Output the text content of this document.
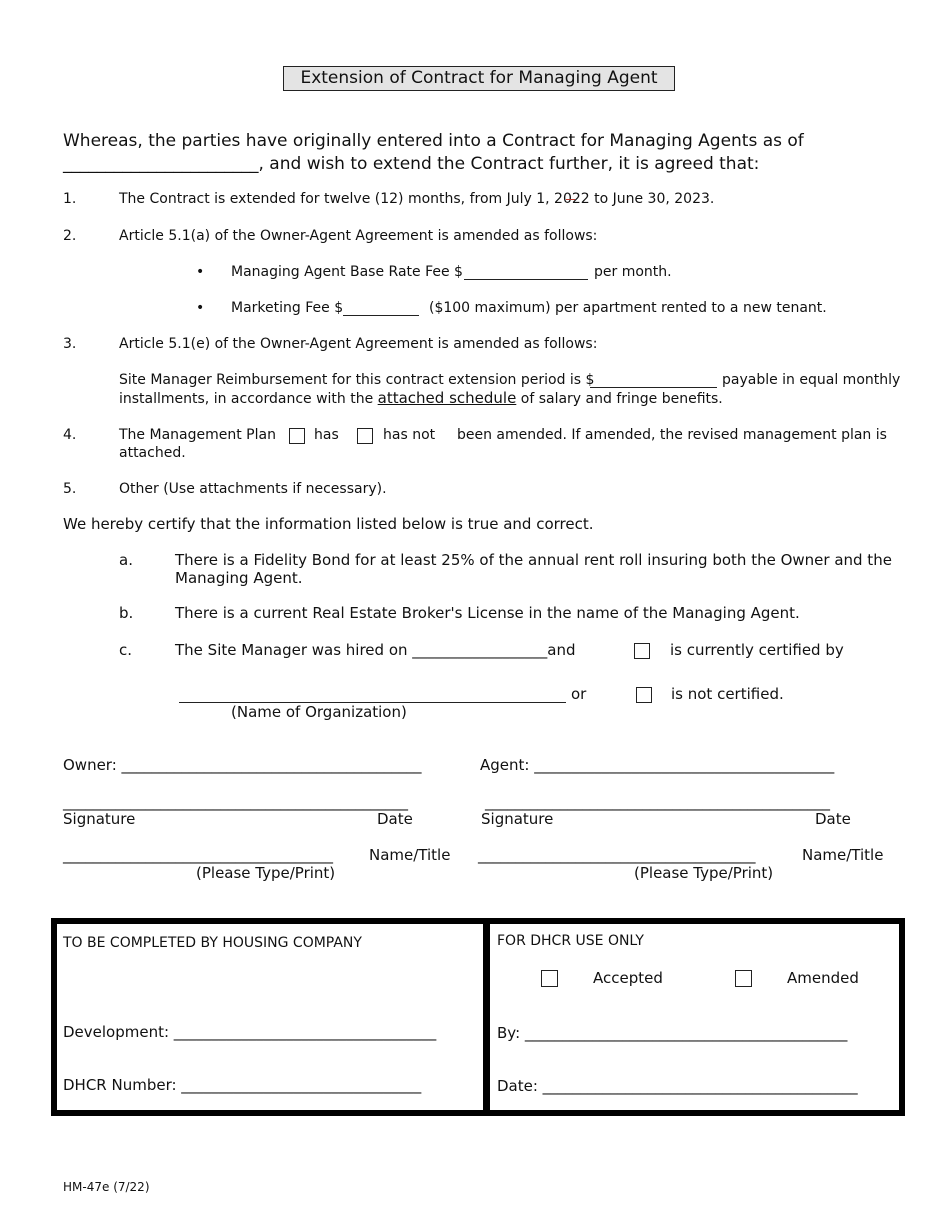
Extension of Contract for Managing Agent
Whereas, the parties have originally entered into a Contract for Managing Agents as of
_______________________, and wish to extend the Contract further, it is agreed that:
1.	The Contract is extended for twelve (12) months, from July 1, 2022 to June 30, 2023.
2.	Article 5.1(a) of the Owner-Agent Agreement is amended as follows:
• Managing Agent Base Rate Fee $	per month.
• Marketing Fee $	($100 maximum) per apartment rented to a new tenant.
3.	Article 5.1(e) of the Owner-Agent Agreement is amended as follows:
Site Manager Reimbursement for this contract extension period is $	payable in equal monthly
installments, in accordance with the attached schedule of salary and fringe benefits.
4.	The Management Plan	has	has not been amended. If amended, the revised management plan is
attached.
5.	Other (Use attachments if necessary).
We hereby certify that the information listed below is true and correct.
a.	There is a Fidelity Bond for at least 25% of the annual rent roll insuring both the Owner and the
Managing Agent.
b.	There is a current Real Estate Broker's License in the name of the Managing Agent.
c.	The Site Manager was hired on __________________and	is currently certified by
or	is not certified.
(Name of Organization)
Owner: ________________________________________	Agent: ________________________________________
______________________________________________	______________________________________________
Signature	Date	Signature	Date
____________________________________ Name/Title _____________________________________	Name/Title
(Please Type/Print)	(Please Type/Print)
TO BE COMPLETED BY HOUSING COMPANY
Development: ___________________________________
DHCR Number: ________________________________
FOR DHCR USE ONLY
Accepted	Amended
By: ___________________________________________
Date: __________________________________________
HM-47e (7/22)
